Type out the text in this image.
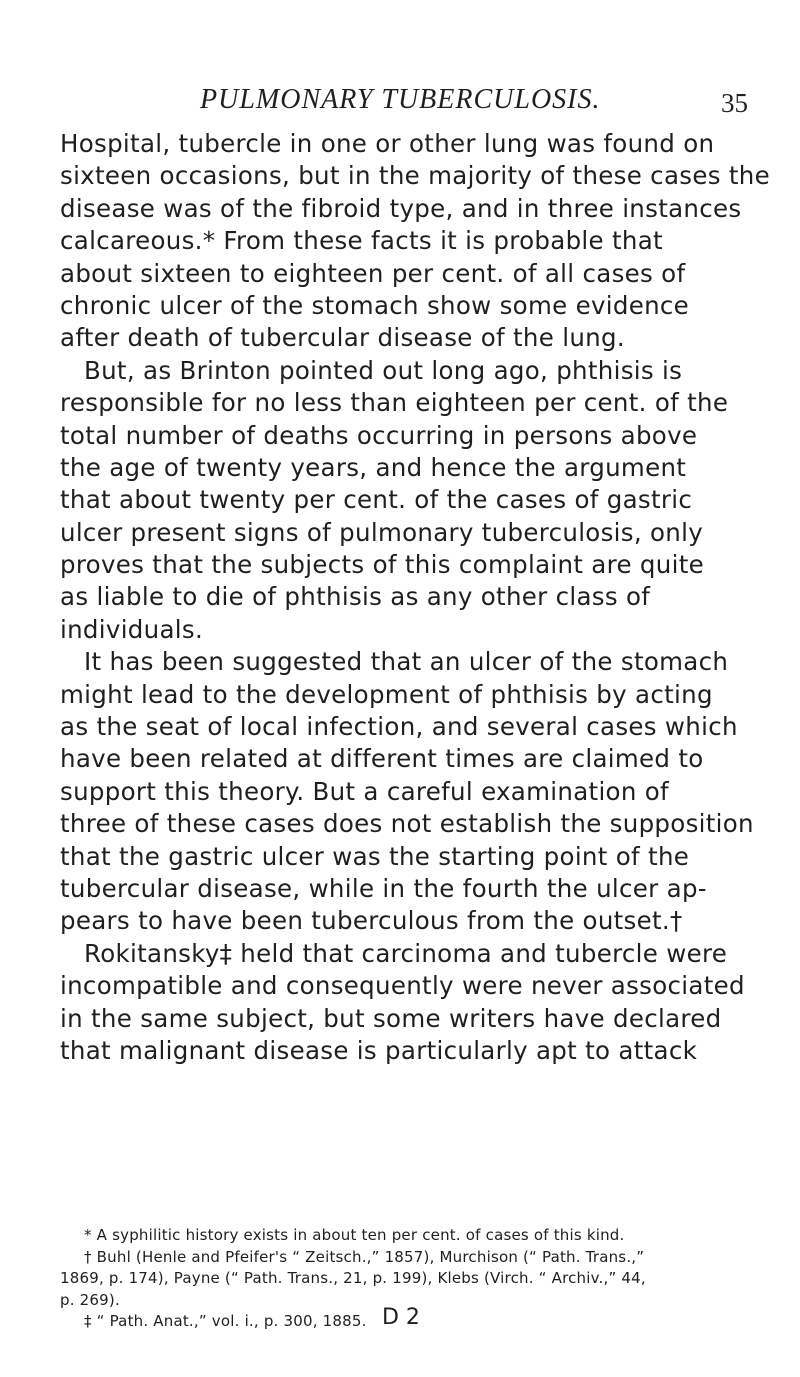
PULMONARY TUBERCULOSIS.	35
Hospital, tubercle in one or other lung was found on
sixteen occasions, but in the majority of these cases the
disease was of the fibroid type, and in three instances
calcareous.* From these facts it is probable that
about sixteen to eighteen per cent. of all cases of
chronic ulcer of the stomach show some evidence
after death of tubercular disease of the lung.
But, as Brinton pointed out long ago, phthisis is
responsible for no less than eighteen per cent. of the
total number of deaths occurring in persons above
the age of twenty years, and hence the argument
that about twenty per cent. of the cases of gastric
ulcer present signs of pulmonary tuberculosis, only
proves that the subjects of this complaint are quite
as liable to die of phthisis as any other class of
individuals.
It has been suggested that an ulcer of the stomach
might lead to the development of phthisis by acting
as the seat of local infection, and several cases which
have been related at different times are claimed to
support this theory. But a careful examination of
three of these cases does not establish the supposition
that the gastric ulcer was the starting point of the
tubercular disease, while in the fourth the ulcer ap-
pears to have been tuberculous from the outset.†
Rokitansky‡ held that carcinoma and tubercle were
incompatible and consequently were never associated
in the same subject, but some writers have declared
that malignant disease is particularly apt to attack
* A syphilitic history exists in about ten per cent. of cases of this kind.
† Buhl (Henle and Pfeifer's “ Zeitsch.,” 1857), Murchison (“ Path. Trans.,”
1869, p. 174), Payne (“ Path. Trans., 21, p. 199), Klebs (Virch. “ Archiv.,” 44,
p. 269).
‡ “ Path. Anat.,” vol. i., p. 300, 1885. D 2
